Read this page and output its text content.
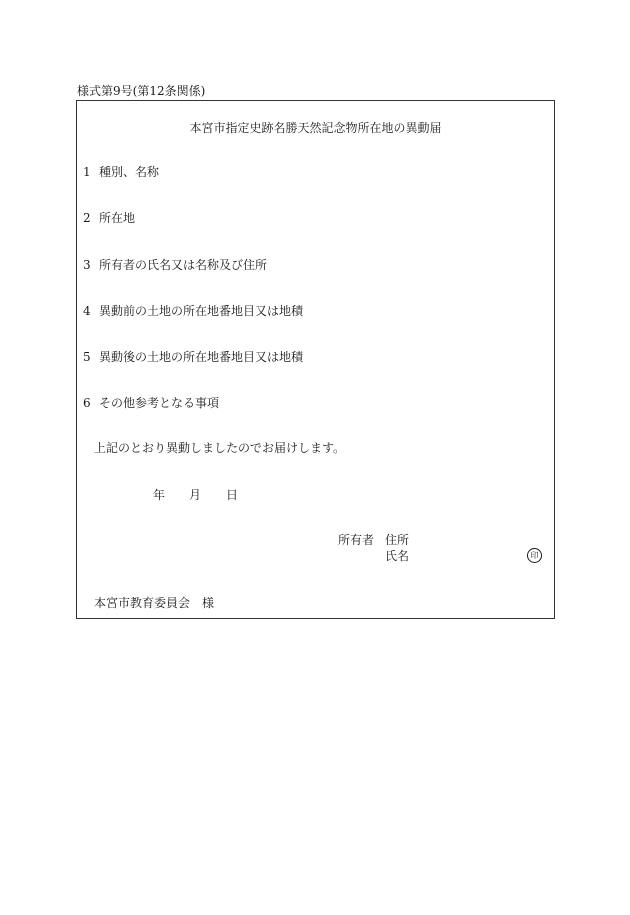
様式第9号(第12条関係)
本宮市指定史跡名勝天然記念物所在地の異動届
1 種別、名称
2 所在地
3 所有者の氏名又は名称及び住所
4 異動前の土地の所在地番地目又は地積
5 異動後の土地の所在地番地目又は地積
6 その他参考となる事項
上記のとおり異動しましたのでお届けします。
年 月 日
所有者 住所
氏名	印
本宮市教育委員会　様
